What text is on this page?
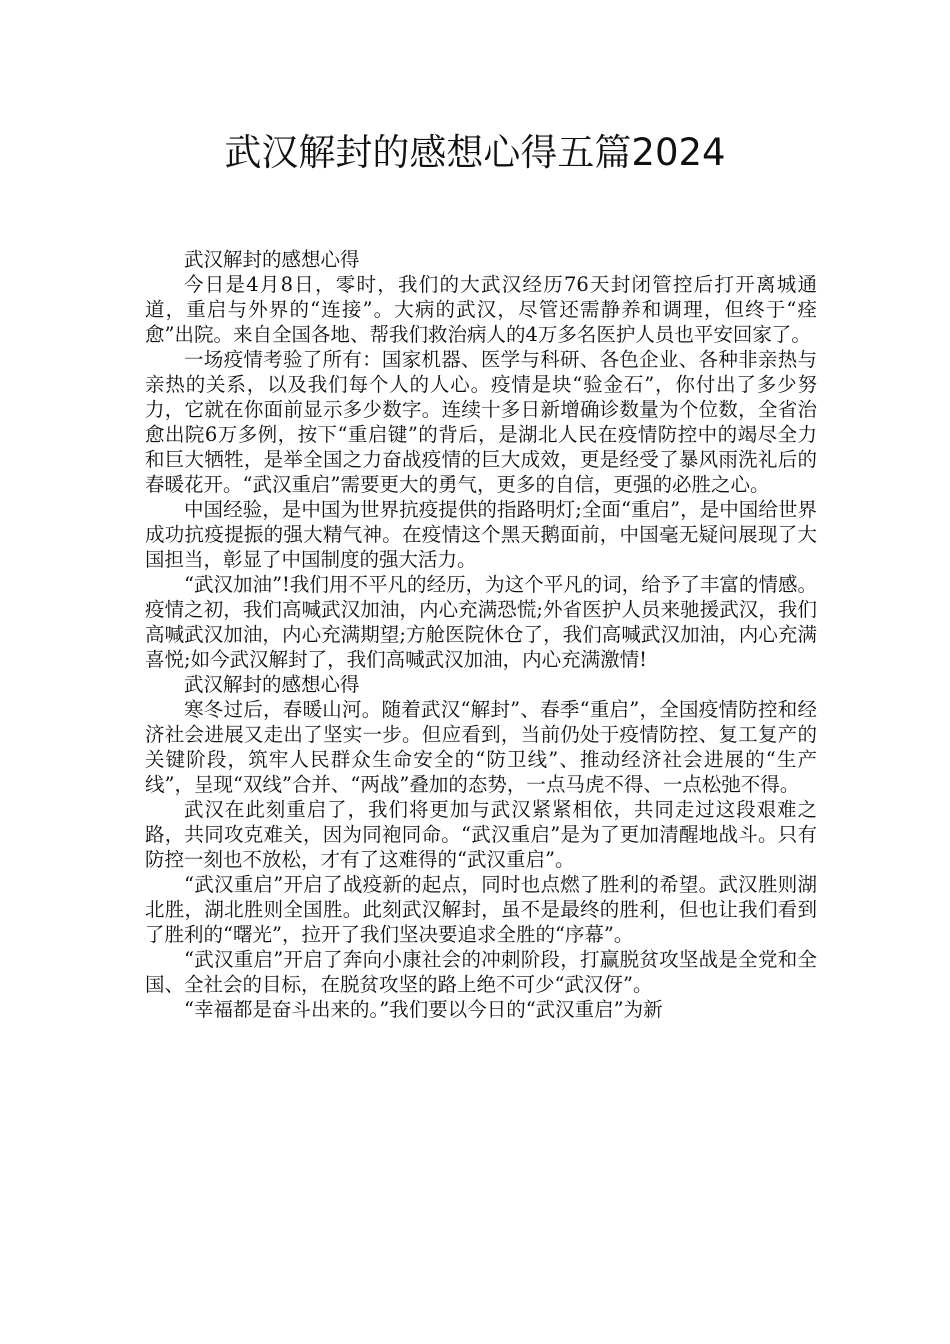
武汉解封的感想心得五篇2024

武汉解封的感想心得

今日是4月8日，零时，我们的大武汉经历76天封闭管控后打开离城通道，重启与外界的“连接”。大病的武汉，尽管还需静养和调理，但终于“痊愈”出院。来自全国各地、帮我们救治病人的4万多名医护人员也平安回家了。

一场疫情考验了所有：国家机器、医学与科研、各色企业、各种非亲热与亲热的关系，以及我们每个人的人心。疫情是块“验金石”，你付出了多少努力，它就在你面前显示多少数字。连续十多日新增确诊数量为个位数，全省治愈出院6万多例，按下“重启键”的背后，是湖北人民在疫情防控中的竭尽全力和巨大牺牲，是举全国之力奋战疫情的巨大成效，更是经受了暴风雨洗礼后的春暖花开。“武汉重启”需要更大的勇气，更多的自信，更强的必胜之心。

中国经验，是中国为世界抗疫提供的指路明灯;全面“重启”，是中国给世界成功抗疫提振的强大精气神。在疫情这个黑天鹅面前，中国毫无疑问展现了大国担当，彰显了中国制度的强大活力。

“武汉加油”!我们用不平凡的经历，为这个平凡的词，给予了丰富的情感。疫情之初，我们高喊武汉加油，内心充满恐慌;外省医护人员来驰援武汉，我们高喊武汉加油，内心充满期望;方舱医院休仓了，我们高喊武汉加油，内心充满喜悦;如今武汉解封了，我们高喊武汉加油，内心充满激情!

武汉解封的感想心得

寒冬过后，春暖山河。随着武汉“解封”、春季“重启”，全国疫情防控和经济社会进展又走出了坚实一步。但应看到，当前仍处于疫情防控、复工复产的关键阶段，筑牢人民群众生命安全的“防卫线”、推动经济社会进展的“生产线”，呈现“双线”合并、“两战”叠加的态势，一点马虎不得、一点松弛不得。

武汉在此刻重启了，我们将更加与武汉紧紧相依，共同走过这段艰难之路，共同攻克难关，因为同袍同命。“武汉重启”是为了更加清醒地战斗。只有防控一刻也不放松，才有了这难得的“武汉重启”。

“武汉重启”开启了战疫新的起点，同时也点燃了胜利的希望。武汉胜则湖北胜，湖北胜则全国胜。此刻武汉解封，虽不是最终的胜利，但也让我们看到了胜利的“曙光”，拉开了我们坚决要追求全胜的“序幕”。

“武汉重启”开启了奔向小康社会的冲刺阶段，打赢脱贫攻坚战是全党和全国、全社会的目标，在脱贫攻坚的路上绝不可少“武汉伢”。

“幸福都是奋斗出来的。”我们要以今日的“武汉重启”为新
